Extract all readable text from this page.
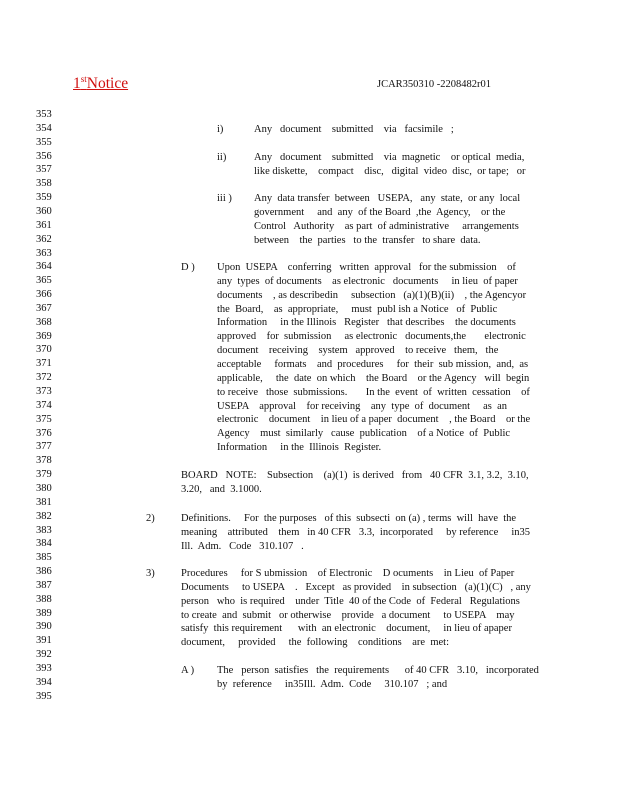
1stNotice	JCAR350310 -2208482r01
353
354
355
356
357
358
359
360
361
362
363
364
365
366
367
368
369
370
371
372
373
374
375
376
377
378
379
380
381
382
383
384
385
386
387
388
389
390
391
392
393
394
395
i)	Any   document    submitted    via   facsimile   ;
ii)	Any   document    submitted    via  magnetic    or optical  media,
like diskette,    compact    disc,   digital  video  disc,  or tape;   or
iii ) Any  data transfer  between   USEPA,   any  state,  or any  local
government     and  any  of the Board  ,the  Agency,    or the
Control   Authority    as part  of administrative     arrangements
between    the  parties   to the  transfer   to share  data.
D ) Upon  USEPA    conferring   written  approval   for the submission    of
any  types  of documents    as electronic   documents     in lieu  of paper
documents    , as describedin     subsection   (a)(1)(B)(ii)    , the Agencyor
the  Board,    as  appropriate,     must  publ ish a Notice   of  Public
Information     in the Illinois   Register   that describes    the documents
approved    for  submission     as electronic   documents,the       electronic
document    receiving    system   approved    to receive   them,   the
acceptable     formats    and  procedures     for  their  sub mission,  and,  as
applicable,     the  date  on which    the Board    or the Agency   will  begin
to receive   those  submissions.       In the  event  of  written  cessation    of
USEPA    approval    for receiving    any  type  of  document     as  an
electronic    document    in lieu of a paper  document    , the Board    or the
Agency    must  similarly   cause  publication    of a Notice  of  Public
Information     in the  Illinois  Register.
BOARD   NOTE:    Subsection    (a)(1)  is derived   from   40 CFR  3.1, 3.2,  3.10,
3.20,   and  3.1000.
2)	Definitions.     For  the purposes   of this  subsecti  on (a) , terms  will  have  the
meaning    attributed    them   in 40 CFR   3.3,  incorporated     by reference     in35
Ill.  Adm.   Code   310.107   .
3)	Procedures     for S ubmission    of Electronic    D ocuments    in Lieu  of Paper
Documents     to USEPA    .   Except   as provided    in subsection   (a)(1)(C)   , any
person   who  is required    under  Title  40 of the Code  of  Federal   Regulations
to create  and  submit   or otherwise    provide   a document     to USEPA    may
satisfy  this requirement      with  an electronic    document,     in lieu of apaper
document,     provided     the  following    conditions    are  met:
A ) The   person  satisfies   the  requirements      of 40 CFR   3.10,   incorporated
by  reference     in35Ill.  Adm.  Code     310.107   ; and
